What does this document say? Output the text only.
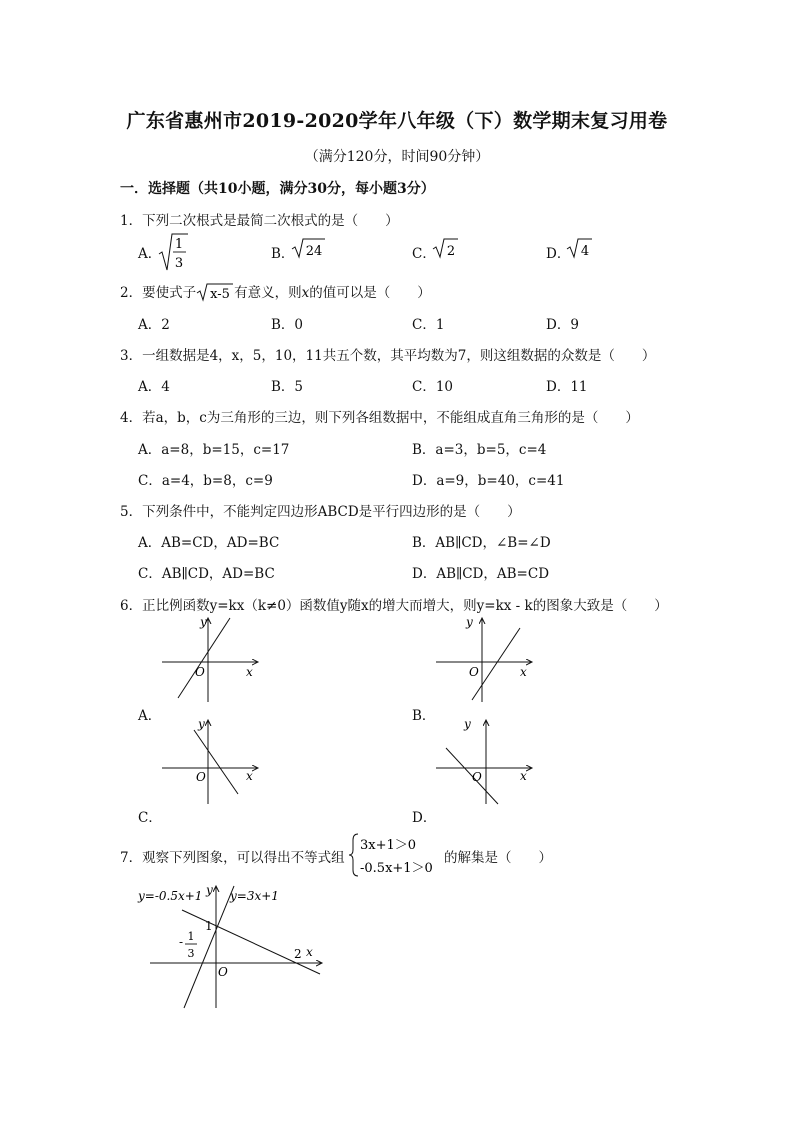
广东省惠州市2019-2020学年八年级（下）数学期末复习用卷
（满分120分，时间90分钟）
一．选择题（共10小题，满分30分，每小题3分）
1．下列二次根式是最简二次根式的是（　　）
A．
1
3
B． 24	C． 2	D． 4
2．要使式子 x-5 有意义，则x的值可以是（　　）
A．2	B．0	C．1	D．9
3．一组数据是4，x，5，10，11共五个数，其平均数为7，则这组数据的众数是（　　）
A．4	B．5	C．10	D．11
4．若a，b，c为三角形的三边，则下列各组数据中，不能组成直角三角形的是（　　）
A．a=8，b=15，c=17	B．a=3，b=5，c=4
C．a=4，b=8，c=9	D．a=9，b=40，c=41
5．下列条件中，不能判定四边形ABCD是平行四边形的是（　　）
A．AB=CD，AD=BC	B．AB∥CD，∠B=∠D
C．AB∥CD，AD=BC	D．AB∥CD，AB=CD
6．正比例函数y=kx（k≠0）函数值y随x的增大而增大，则y=kx - k的图象大致是（　　）
y
x
O
A．
y
x
O
B．
y
x
O
C．
y
x
O
D．
7．观察下列图象，可以得出不等式组
3x+1＞0
-0.5x+1＞0
的解集是（　　）
y=-0.5x+1 y=3x+1
y
x
O
1
2
- 1
3
